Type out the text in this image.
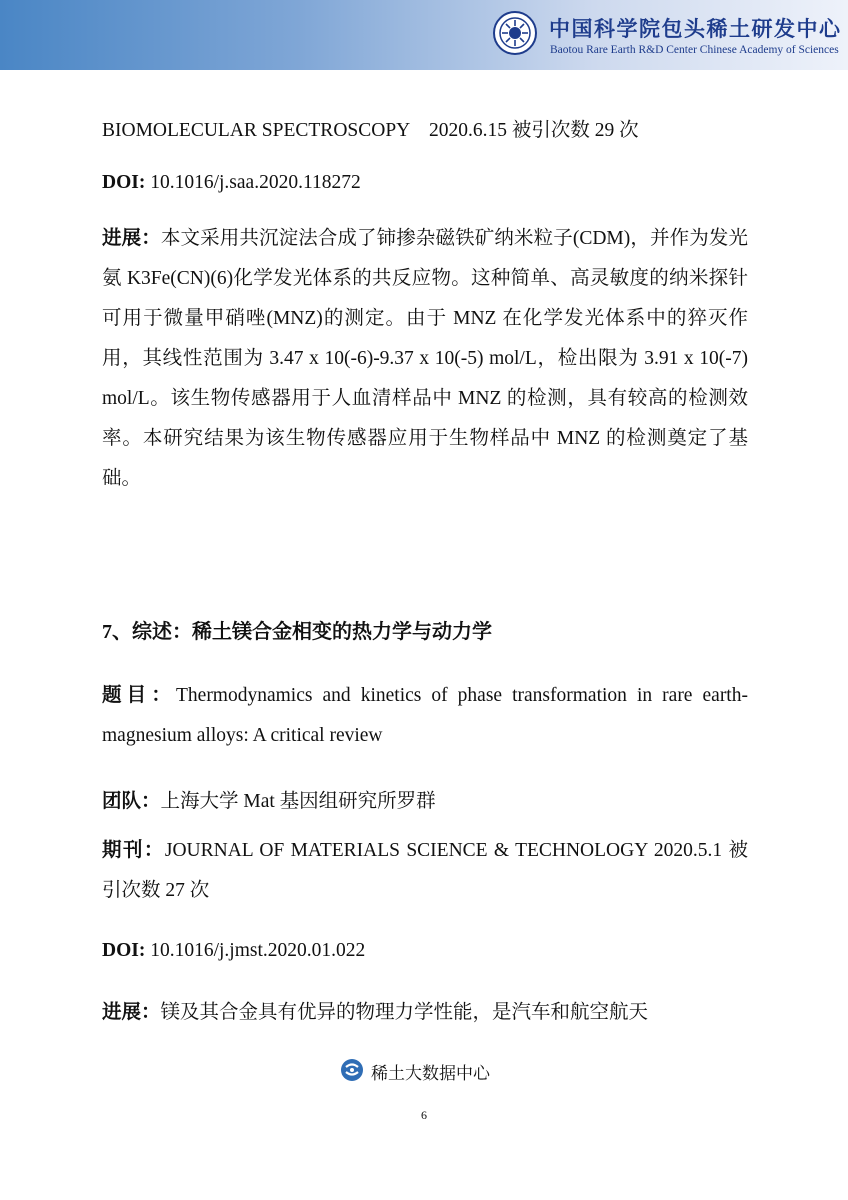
中国科学院包头稀土研发中心
Baotou Rare Earth R&D Center Chinese Academy of Sciences
BIOMOLECULAR SPECTROSCOPY　2020.6.15 被引次数 29 次
DOI: 10.1016/j.saa.2020.118272
进展：本文采用共沉淀法合成了铈掺杂磁铁矿纳米粒子(CDM)，并作为发光氨 K3Fe(CN)(6)化学发光体系的共反应物。这种简单、高灵敏度的纳米探针可用于微量甲硝唑(MNZ)的测定。由于 MNZ 在化学发光体系中的猝灭作用，其线性范围为 3.47 x 10(-6)-9.37 x 10(-5) mol/L，检出限为 3.91 x 10(-7) mol/L。该生物传感器用于人血清样品中 MNZ 的检测，具有较高的检测效率。本研究结果为该生物传感器应用于生物样品中 MNZ 的检测奠定了基础。
7、综述：稀土镁合金相变的热力学与动力学
题目：Thermodynamics and kinetics of phase transformation in rare earth-magnesium alloys: A critical review
团队：上海大学 Mat 基因组研究所罗群
期刊：JOURNAL OF MATERIALS SCIENCE & TECHNOLOGY 2020.5.1 被引次数 27 次
DOI: 10.1016/j.jmst.2020.01.022
进展：镁及其合金具有优异的物理力学性能，是汽车和航空航天
稀土大数据中心
6
